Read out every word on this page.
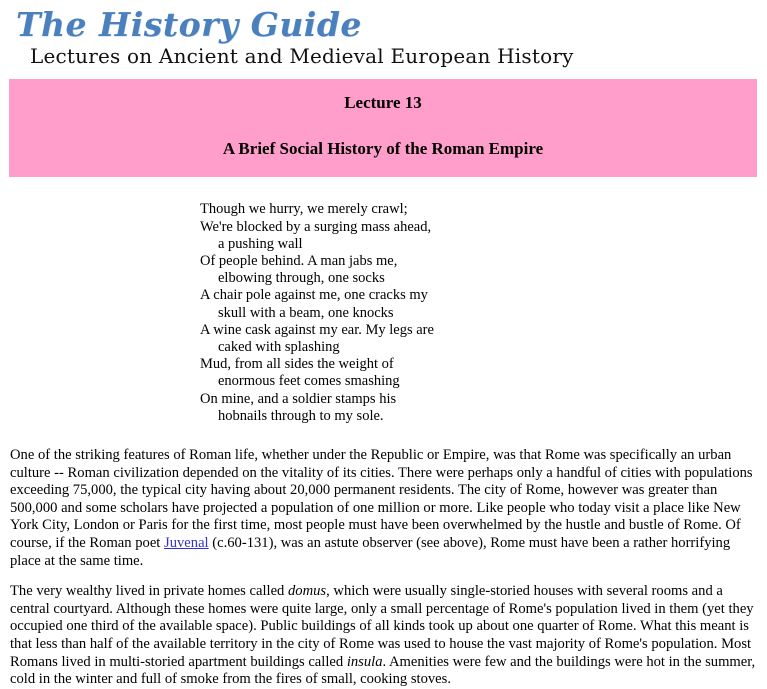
The History Guide
Lectures on Ancient and Medieval European History
Lecture 13
A Brief Social History of the Roman Empire
Though we hurry, we merely crawl;
We're blocked by a surging mass ahead,
a pushing wall
Of people behind. A man jabs me,
elbowing through, one socks
A chair pole against me, one cracks my
skull with a beam, one knocks
A wine cask against my ear. My legs are
caked with splashing
Mud, from all sides the weight of
enormous feet comes smashing
On mine, and a soldier stamps his
hobnails through to my sole.

One of the striking features of Roman life, whether under the Republic or Empire, was that Rome was specifically an urban culture -- Roman civilization depended on the vitality of its cities. There were perhaps only a handful of cities with populations exceeding 75,000, the typical city having about 20,000 permanent residents. The city of Rome, however was greater than 500,000 and some scholars have projected a population of one million or more. Like people who today visit a place like New York City, London or Paris for the first time, most people must have been overwhelmed by the hustle and bustle of Rome. Of course, if the Roman poet Juvenal (c.60-131), was an astute observer (see above), Rome must have been a rather horrifying place at the same time.

The very wealthy lived in private homes called domus, which were usually single-storied houses with several rooms and a central courtyard. Although these homes were quite large, only a small percentage of Rome's population lived in them (yet they occupied one third of the available space). Public buildings of all kinds took up about one quarter of Rome. What this meant is that less than half of the available territory in the city of Rome was used to house the vast majority of Rome's population. Most Romans lived in multi-storied apartment buildings called insula. Amenities were few and the buildings were hot in the summer, cold in the winter and full of smoke from the fires of small, cooking stoves.
